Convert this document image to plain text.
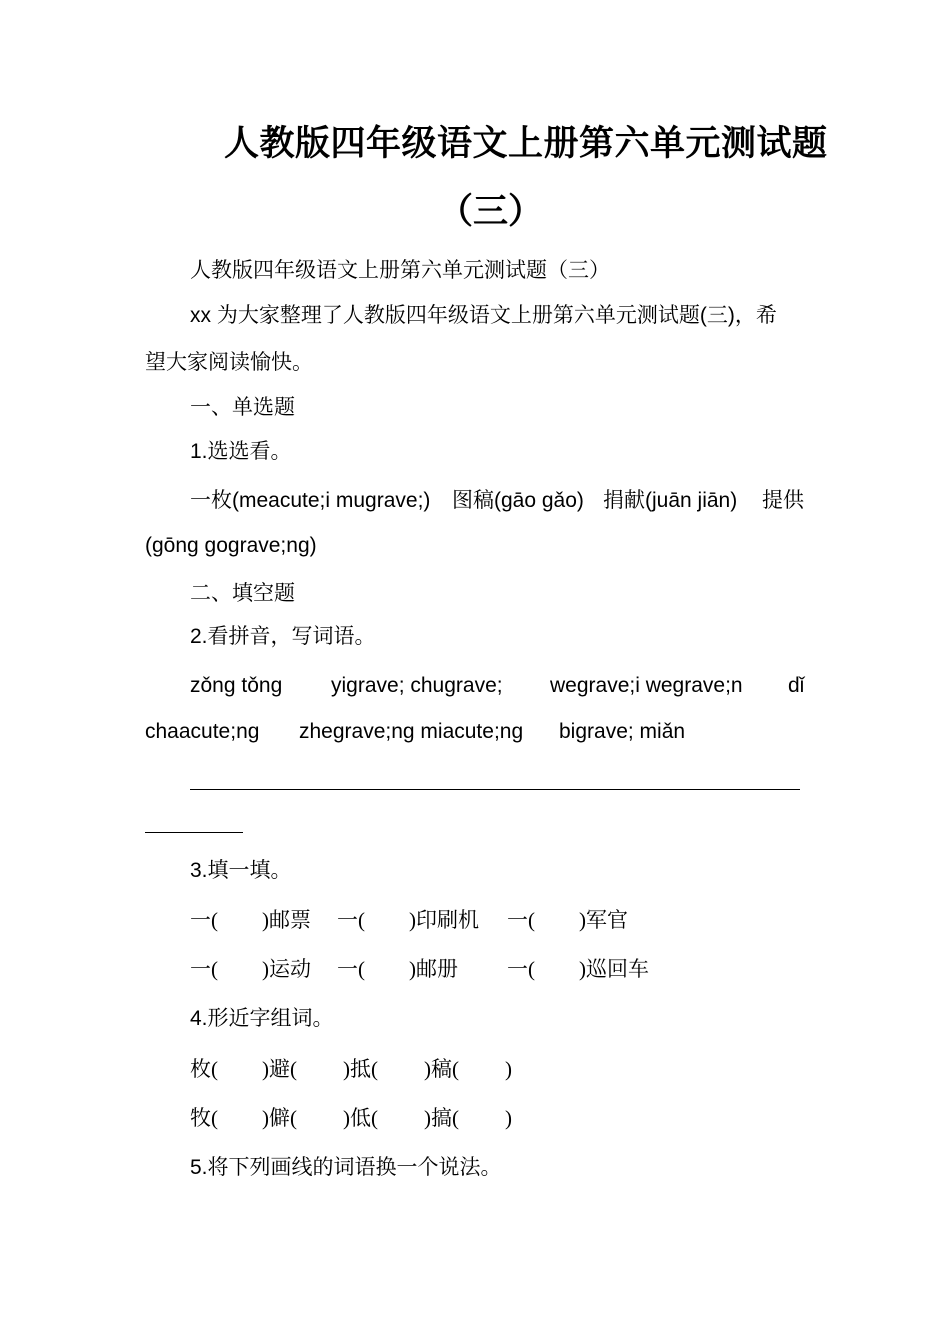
人教版四年级语文上册第六单元测试题
（三）
人教版四年级语文上册第六单元测试题（三）
xx 为大家整理了人教版四年级语文上册第六单元测试题(三)，希
望大家阅读愉快。
一、单选题
1.选选看。
一枚(meacute;i mugrave;) 图稿(gāo gǎo) 捐献(juān jiān) 提供
(gōng gograve;ng)
二、填空题
2.看拼音，写词语。
zǒng tǒng yigrave; chugrave; wegrave;i wegrave;n dǐ
chaacute;ng zhegrave;ng miacute;ng bigrave; miǎn
3.填一填。
一( )邮票 一( )印刷机 一( )军官
一( )运动 一( )邮册 一( )巡回车
4.形近字组词。
枚( )避( )抵( )稿( )
牧( )僻( )低( )搞( )
5.将下列画线的词语换一个说法。
